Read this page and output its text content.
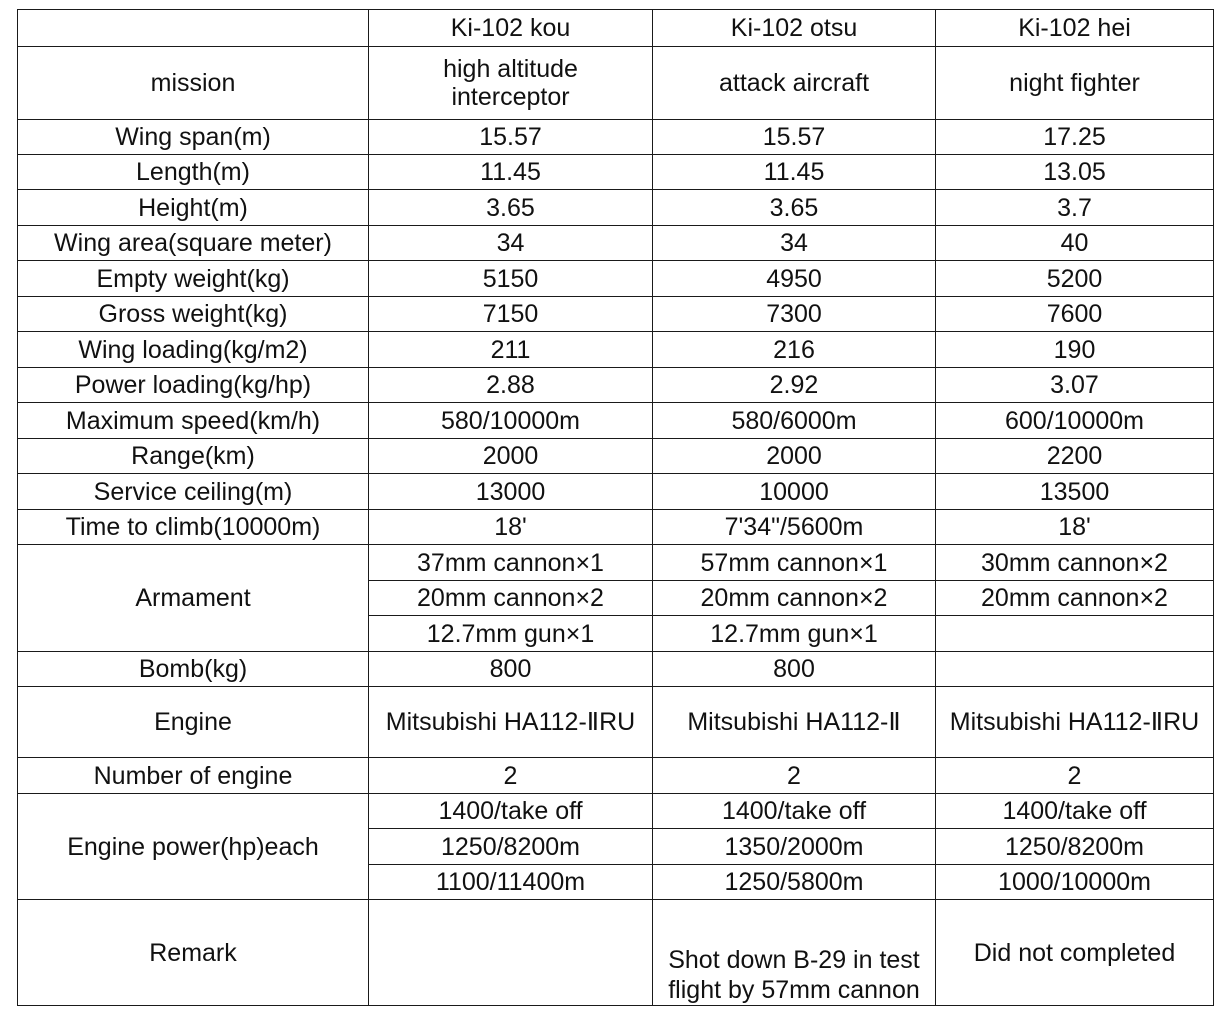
	Ki-102 kou	Ki-102 otsu	Ki-102 hei
mission	high altitude interceptor	attack aircraft	night fighter
Wing span(m)	15.57	15.57	17.25
Length(m)	11.45	11.45	13.05
Height(m)	3.65	3.65	3.7
Wing area(square meter)	34	34	40
Empty weight(kg)	5150	4950	5200
Gross weight(kg)	7150	7300	7600
Wing loading(kg/m2)	211	216	190
Power loading(kg/hp)	2.88	2.92	3.07
Maximum speed(km/h)	580/10000m	580/6000m	600/10000m
Range(km)	2000	2000	2200
Service ceiling(m)	13000	10000	13500
Time to climb(10000m)	18'	7'34"/5600m	18'
Armament	37mm cannon×1	57mm cannon×1	30mm cannon×2
	20mm cannon×2	20mm cannon×2	20mm cannon×2
	12.7mm gun×1	12.7mm gun×1	
Bomb(kg)	800	800	
Engine	Mitsubishi HA112-ⅡRU	Mitsubishi HA112-Ⅱ	Mitsubishi HA112-ⅡRU
Number of engine	2	2	2
Engine power(hp)each	1400/take off	1400/take off	1400/take off
	1250/8200m	1350/2000m	1250/8200m
	1100/11400m	1250/5800m	1000/10000m
Remark		Shot down B-29 in test flight by 57mm cannon	Did not completed
